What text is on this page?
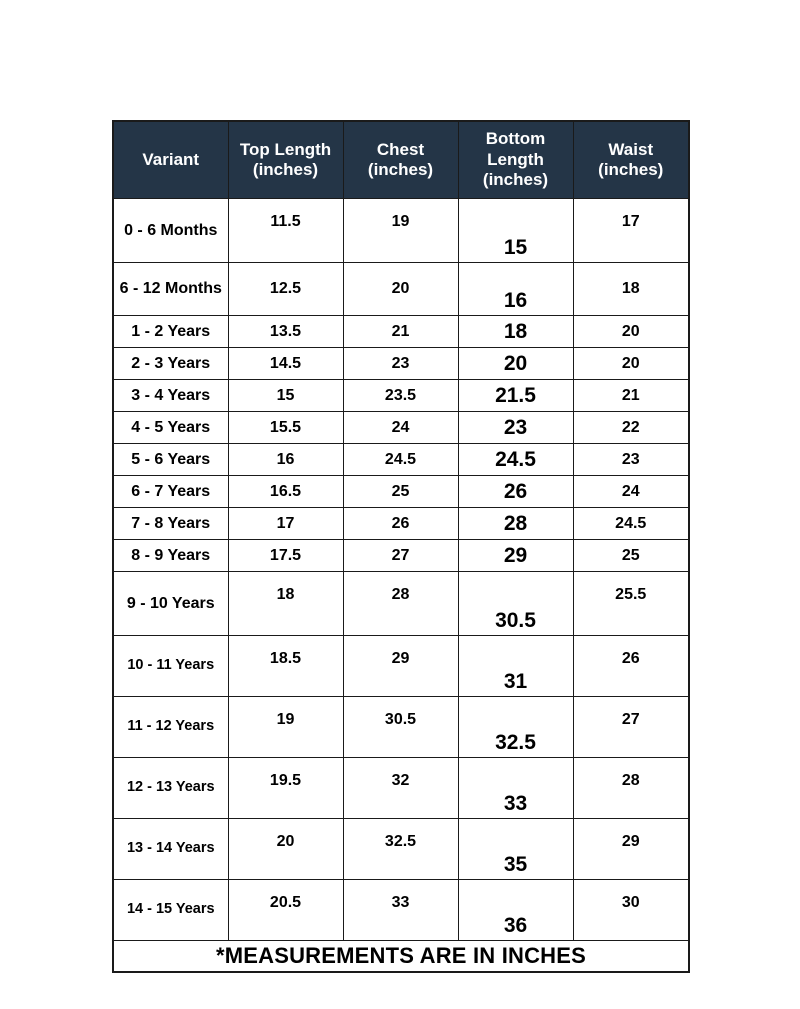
Variant	Top Length (inches)	Chest (inches)	Bottom Length (inches)	Waist (inches)
0 - 6 Months	11.5	19	15	17
6 - 12 Months	12.5	20	16	18
1 - 2 Years	13.5	21	18	20
2 - 3 Years	14.5	23	20	20
3 - 4 Years	15	23.5	21.5	21
4 - 5 Years	15.5	24	23	22
5 - 6 Years	16	24.5	24.5	23
6 - 7 Years	16.5	25	26	24
7 - 8 Years	17	26	28	24.5
8 - 9 Years	17.5	27	29	25
9 - 10 Years	18	28	30.5	25.5
10 - 11 Years	18.5	29	31	26
11 - 12 Years	19	30.5	32.5	27
12 - 13 Years	19.5	32	33	28
13 - 14 Years	20	32.5	35	29
14 - 15 Years	20.5	33	36	30
*MEASUREMENTS ARE IN INCHES				
